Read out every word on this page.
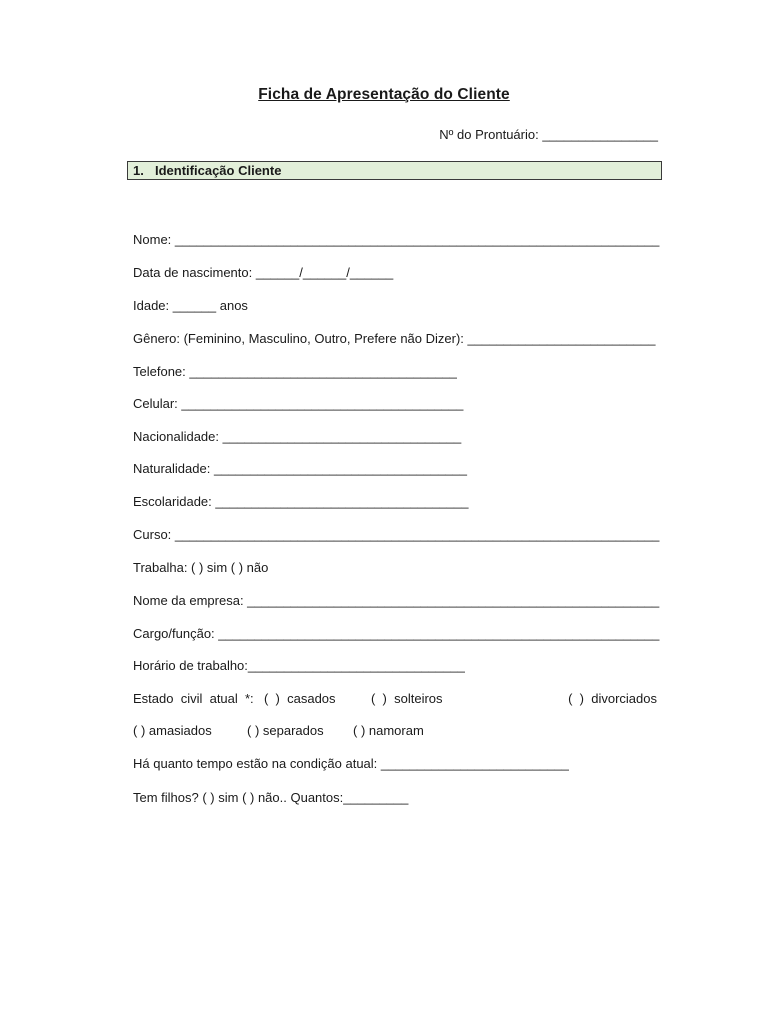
Ficha de Apresentação do Cliente
Nº do Prontuário: ________________
1. Identificação Cliente
Nome: ___________________________________________________________________
Data de nascimento: ______/______/______
Idade: ______ anos
Gênero: (Feminino, Masculino, Outro, Prefere não Dizer): __________________________
Telefone: _____________________________________
Celular: _______________________________________
Nacionalidade: _________________________________
Naturalidade: ___________________________________
Escolaridade: ___________________________________
Curso: ___________________________________________________________________
Trabalha: ( ) sim ( ) não
Nome da empresa: _________________________________________________________
Cargo/função: _____________________________________________________________
Horário de trabalho:______________________________

Estado  civil  atual  *:

(  )  casados

	(  )  solteiros

	(  )  divorciados

( ) amasiados

	( ) separados

( ) namoram

Há quanto tempo estão na condição atual: __________________________
Tem filhos? ( ) sim ( ) não.. Quantos:_________
